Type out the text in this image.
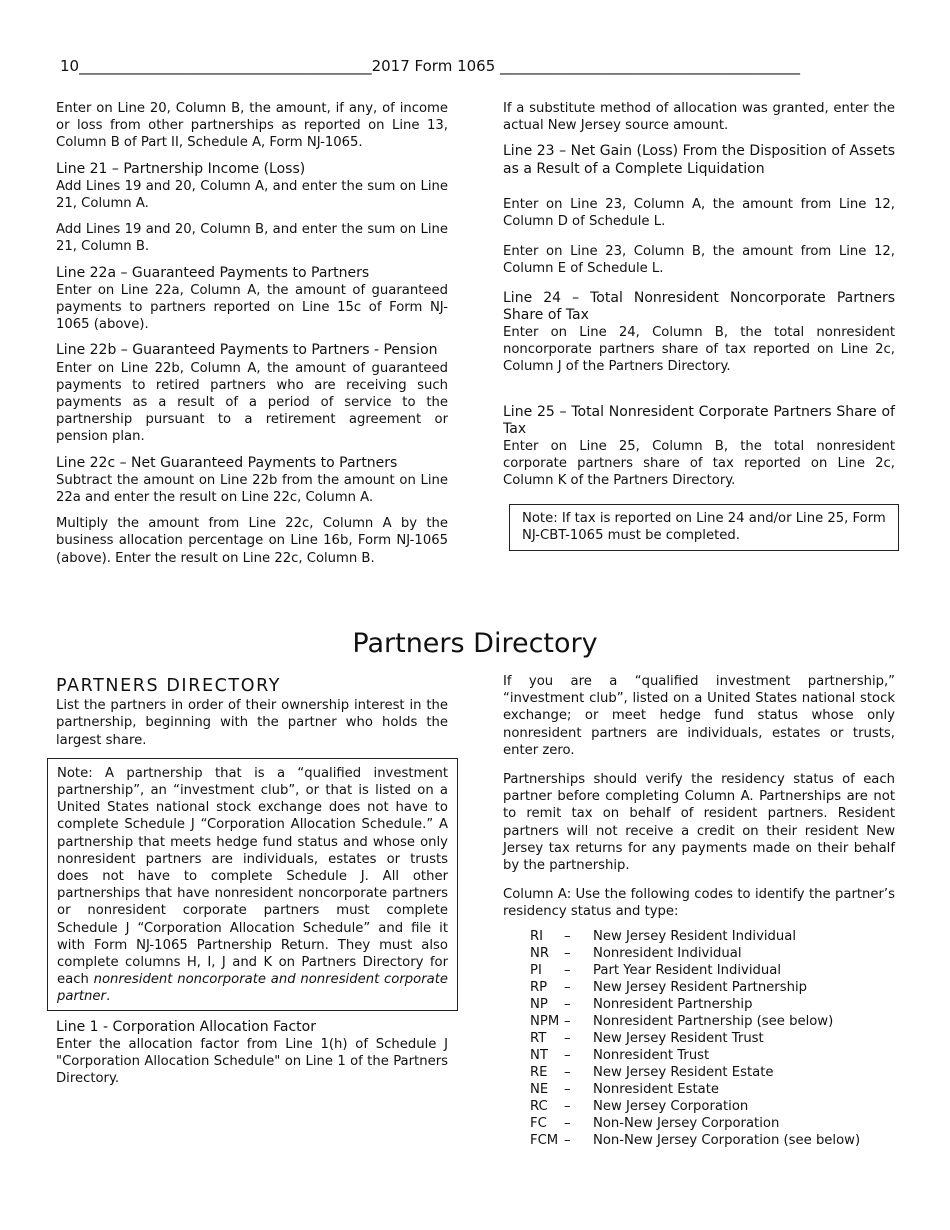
10_______________________________________2017 Form 1065 ________________________________________

Enter on Line 20, Column B, the amount, if any, of income or loss from other partnerships as reported on Line 13, Column B of Part II, Schedule A, Form NJ-1065.

Line 21 – Partnership Income (Loss)

Add Lines 19 and 20, Column A, and enter the sum on Line 21, Column A.

Add Lines 19 and 20, Column B, and enter the sum on Line 21, Column B.

Line 22a – Guaranteed Payments to Partners

Enter on Line 22a, Column A, the amount of guaranteed payments to partners reported on Line 15c of Form NJ-1065 (above).

Line 22b – Guaranteed Payments to Partners - Pension

Enter on Line 22b, Column A, the amount of guaranteed payments to retired partners who are receiving such payments as a result of a period of service to the partnership pursuant to a retirement agreement or pension plan.

Line 22c – Net Guaranteed Payments to Partners

Subtract the amount on Line 22b from the amount on Line 22a and enter the result on Line 22c, Column A.

Multiply the amount from Line 22c, Column A by the business allocation percentage on Line 16b, Form NJ-1065 (above). Enter the result on Line 22c, Column B.

If a substitute method of allocation was granted, enter the actual New Jersey source amount.

Line 23 – Net Gain (Loss) From the Disposition of Assets as a Result of a Complete Liquidation

Enter on Line 23, Column A, the amount from Line 12, Column D of Schedule L.

Enter on Line 23, Column B, the amount from Line 12, Column E of Schedule L.

Line 24 – Total Nonresident Noncorporate Partners Share of Tax

Enter on Line 24, Column B, the total nonresident noncorporate partners share of tax reported on Line 2c, Column J of the Partners Directory.

Line 25 – Total Nonresident Corporate Partners Share of Tax

Enter on Line 25, Column B, the total nonresident corporate partners share of tax reported on Line 2c, Column K of the Partners Directory.

Note: If tax is reported on Line 24 and/or Line 25, Form NJ-CBT-1065 must be completed.
Partners Directory
PARTNERS DIRECTORY

List the partners in order of their ownership interest in the partnership, beginning with the partner who holds the largest share.

Note: A partnership that is a “qualified investment partnership”, an “investment club”, or that is listed on a United States national stock exchange does not have to complete Schedule J “Corporation Allocation Schedule.” A partnership that meets hedge fund status and whose only nonresident partners are individuals, estates or trusts does not have to complete Schedule J. All other partnerships that have nonresident noncorporate partners or nonresident corporate partners must complete Schedule J “Corporation Allocation Schedule” and file it with Form NJ-1065 Partnership Return. They must also complete columns H, I, J and K on Partners Directory for each nonresident noncorporate and nonresident corporate partner.
Line 1 - Corporation Allocation Factor

Enter the allocation factor from Line 1(h) of Schedule J "Corporation Allocation Schedule" on Line 1 of the Partners Directory.

If you are a “qualified investment partnership,” “investment club”, listed on a United States national stock exchange; or meet hedge fund status whose only nonresident partners are individuals, estates or trusts, enter zero.

Partnerships should verify the residency status of each partner before completing Column A. Partnerships are not to remit tax on behalf of resident partners. Resident partners will not receive a credit on their resident New Jersey tax returns for any payments made on their behalf by the partnership.

Column A: Use the following codes to identify the partner’s residency status and type:

RI	–	New Jersey Resident Individual
NR	–	Nonresident Individual
PI	–	Part Year Resident Individual
RP	–	New Jersey Resident Partnership
NP	–	Nonresident Partnership
NPM –	Nonresident Partnership (see below)
RT	–	New Jersey Resident Trust
NT	–	Nonresident Trust
RE	–	New Jersey Resident Estate
NE	–	Nonresident Estate
RC	–	New Jersey Corporation
FC	–	Non-New Jersey Corporation
FCM –	Non-New Jersey Corporation (see below)
